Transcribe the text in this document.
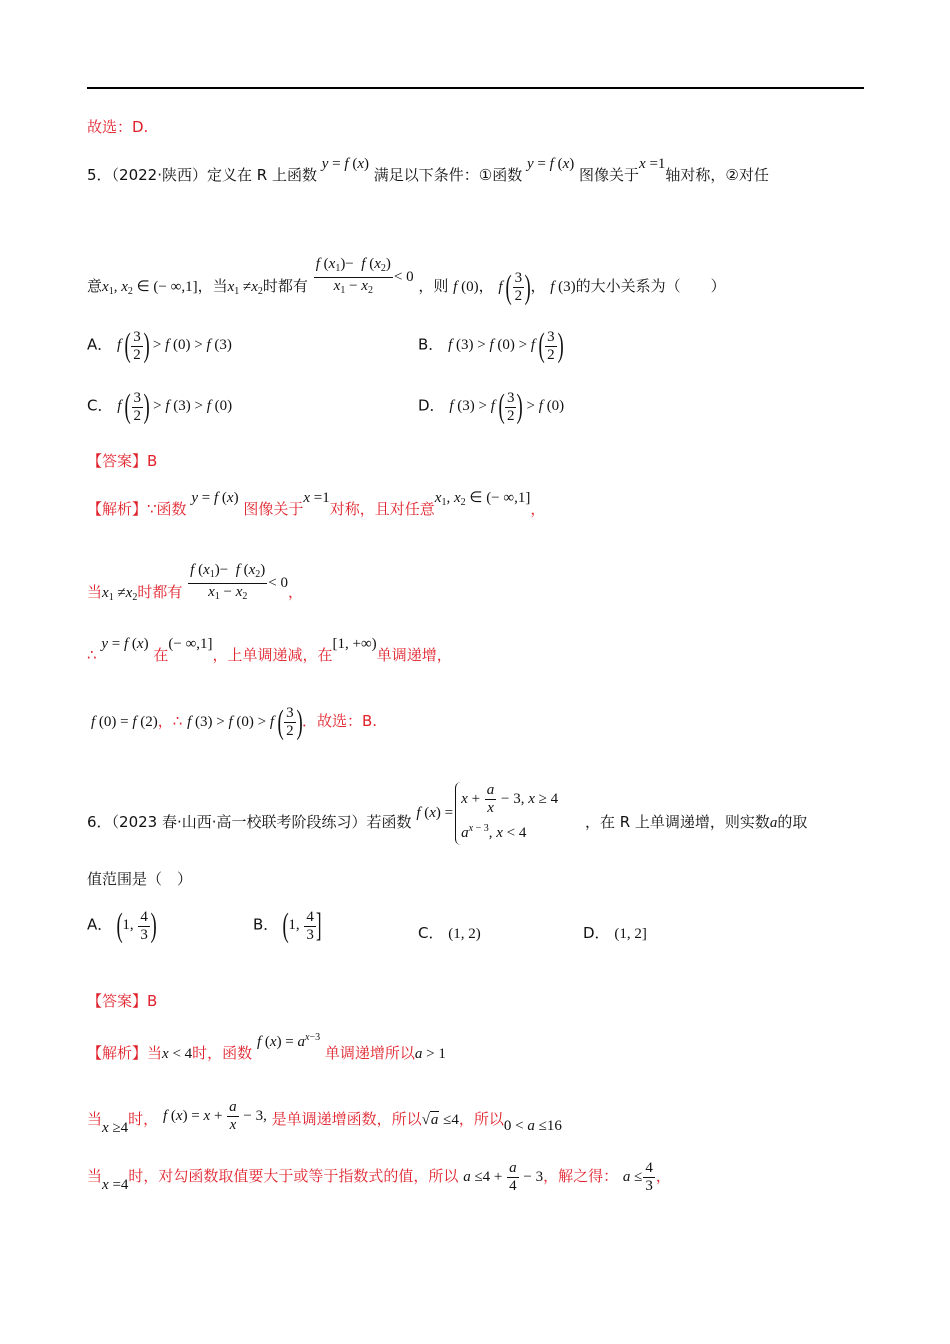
故选：D.
5．（2022·陕西）定义在 R 上函数 y = f (x) 满足以下条件：①函数 y = f (x) 图像关于x =1轴对称，②对任
意$x_1$, $x_2$ ∈ (− ∞,1]，当$x_1 \ne x_2$时都有 $\frac{f (x_1)- f (x_2)}{x_1 - x_2} < 0$ ，则 f (0)， f ( $\frac{3}{2}$ )， f (3)的大小关系为（　　）
A． f ( $\frac{3}{2}$ ) > f (0) > f (3)	B． f (3) > f (0) > f ( $\frac{3}{2}$ )
C． f ( $\frac{3}{2}$ ) > f (3) > f (0)	D． f (3) > f ( $\frac{3}{2}$ ) > f (0)
【答案】B
【解析】∵函数 y = f (x) 图像关于x =1对称，且对任意$x_1$, $x_2$ ∈ (− ∞,1]，
当$x_1 \ne x_2$时都有 $\frac{f (x_1)- f (x_2)}{x_1 - x_2} < 0$，
∴ y = f (x) 在(− ∞,1]，上单调递减，在[1, +∞)单调递增，
f (0) = f (2)，∴ f (3) > f (0) > f ( $\frac{3}{2}$ )．故选：B.
6．（2023 春·山西·高一校联考阶段练习）若函数 f (x) =
$x + \frac{a}{x} - 3$, x ≥ 4
$a^{x - 3}$, x < 4
，在 R 上单调递增，则实数a的取
值范围是（　）
A． (1, $\frac{4}{3}$ )	B． (1, $\frac{4}{3}$ ]	C． (1, 2)	D． (1, 2]
【答案】B
【解析】当x < 4时，函数 f $(x) = a^{x-3}$ 单调递增所以a > 1
当x ≥4时， f $(x) = x + \frac{a}{x} - 3$, 是单调递增函数，所以√a ≤4，所以0 < a ≤16
当x =4时，对勾函数取值要大于或等于指数式的值，所以 $a \le 4 + \frac{a}{4} - 3$，解之得： $a \le \frac{4}{3}$ ，
